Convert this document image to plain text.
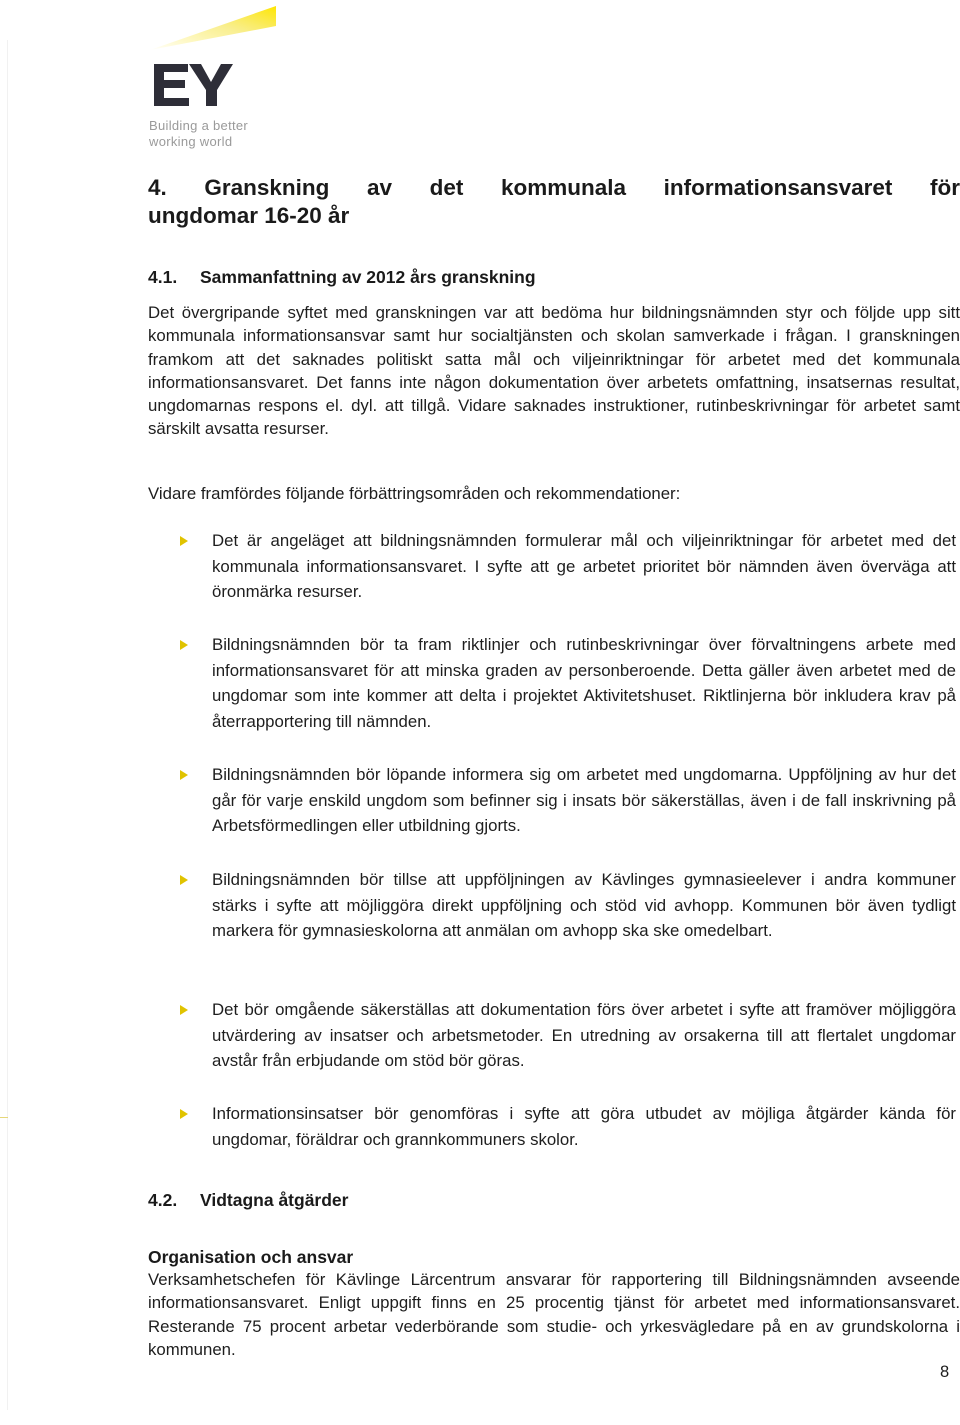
Building a better
working world
4. Granskning av det kommunala informationsansvaret för
ungdomar 16-20 år
4.1. Sammanfattning av 2012 års granskning
Det övergripande syftet med granskningen var att bedöma hur bildningsnämnden styr och följde upp sitt kommunala informationsansvar samt hur socialtjänsten och skolan samverkade i frågan. I granskningen framkom att det saknades politiskt satta mål och viljeinriktningar för arbetet med det kommunala informationsansvaret. Det fanns inte någon dokumentation över arbetets omfattning, insatsernas resultat, ungdomarnas respons el. dyl. att tillgå. Vidare saknades instruktioner, rutinbeskrivningar för arbetet samt särskilt avsatta resurser.
Vidare framfördes följande förbättringsområden och rekommendationer:
Det är angeläget att bildningsnämnden formulerar mål och viljeinriktningar för arbetet med det kommunala informationsansvaret. I syfte att ge arbetet prioritet bör nämnden även överväga att öronmärka resurser.
Bildningsnämnden bör ta fram riktlinjer och rutinbeskrivningar över förvaltningens arbete med informationsansvaret för att minska graden av personberoende. Detta gäller även arbetet med de ungdomar som inte kommer att delta i projektet Aktivitetshuset. Riktlinjerna bör inkludera krav på återrapportering till nämnden.
Bildningsnämnden bör löpande informera sig om arbetet med ungdomarna. Uppföljning av hur det går för varje enskild ungdom som befinner sig i insats bör säkerställas, även i de fall inskrivning på Arbetsförmedlingen eller utbildning gjorts.
Bildningsnämnden bör tillse att uppföljningen av Kävlinges gymnasieelever i andra kommuner stärks i syfte att möjliggöra direkt uppföljning och stöd vid avhopp. Kommunen bör även tydligt markera för gymnasieskolorna att anmälan om avhopp ska ske omedelbart.
Det bör omgående säkerställas att dokumentation förs över arbetet i syfte att framöver möjliggöra utvärdering av insatser och arbetsmetoder. En utredning av orsakerna till att flertalet ungdomar avstår från erbjudande om stöd bör göras.
Informationsinsatser bör genomföras i syfte att göra utbudet av möjliga åtgärder kända för ungdomar, föräldrar och grannkommuners skolor.
4.2. Vidtagna åtgärder
Organisation och ansvar
Verksamhetschefen för Kävlinge Lärcentrum ansvarar för rapportering till Bildningsnämnden avseende informationsansvaret. Enligt uppgift finns en 25 procentig tjänst för arbetet med informationsansvaret. Resterande 75 procent arbetar vederbörande som studie- och yrkesvägledare på en av grundskolorna i kommunen.
8
